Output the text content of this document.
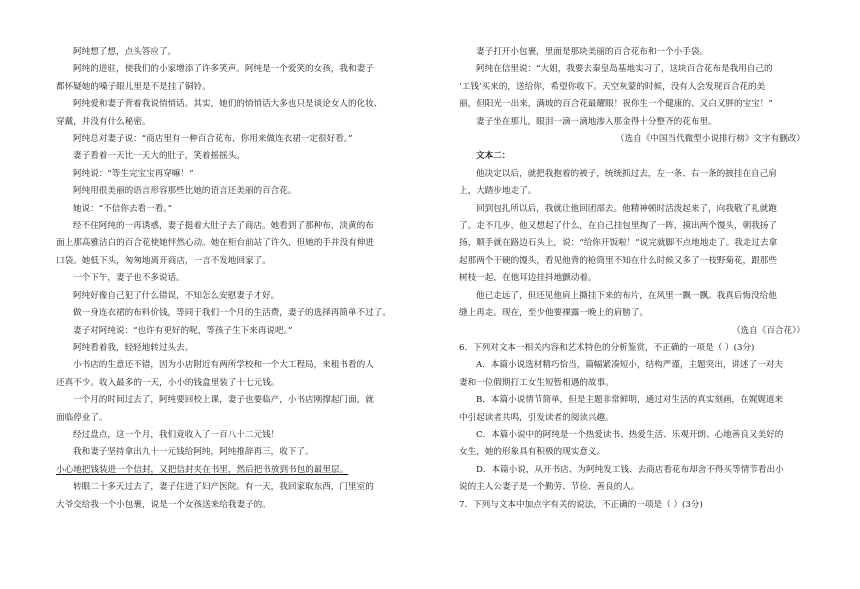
阿纯想了想，点头答应了。

阿纯的进驻，使我们的小家增添了许多笑声。阿纯是一个爱笑的女孩，我和妻子

都怀疑她的嗓子眼儿里是不是挂了铜铃。

阿纯爱和妻子背着我说悄悄话。其实，她们的悄悄话大多也只是谈论女人的化妆、

穿戴，并没有什么秘密。

阿纯总对妻子说：“商店里有一种百合花布，你用来做连衣裙一定很好看。”

妻子看着一天比一天大的肚子，笑着摇摇头。

阿纯说：“等生完宝宝再穿嘛！”

阿纯用很美丽的语言形容那些比她的语言还美丽的百合花。

她说：“不信你去看一看。”

经不住阿纯的一再诱惑，妻子挺着大肚子去了商店。她看到了那种布，淡黄的布

面上那高雅洁白的百合花使她怦然心动。她在柜台前站了许久，但她的手并没有伸进

口袋。她低下头，匆匆地离开商店，一言不发地回家了。

一个下午，妻子也不多说话。

阿纯好像自己犯了什么错误，不知怎么安慰妻子才好。

做一身连衣裙的布料价钱，等同于我们一个月的生活费，妻子的选择再简单不过了。

妻子对阿纯说：“也许有更好的呢，等孩子生下来再说吧。”

阿纯看着我，轻轻地转过头去。

小书店的生意还不错，因为小店附近有两所学校和一个大工程局，来租书看的人

还真不少。收入最多的一天，小小的钱盒里装了十七元钱。

一个月的时间过去了，阿纯要回校上课，妻子也要临产，小书店刚撑起门面，就

面临停业了。

经过盘点，这一个月，我们竟收入了一百八十二元钱！

我和妻子坚持拿出九十一元钱给阿纯，阿纯推辞再三，收下了。

小心地把钱装进一个信封，又把信封夹在书里，然后把书放到书包的最里层。

转眼二十多天过去了，妻子住进了妇产医院。有一天，我回家取东西，门里室的

大爷交给我一个小包裹，说是一个女孩送来给我妻子的。

妻子打开小包裹，里面是那块美丽的百合花布和一个小手袋。

阿纯在信里说：“大姐，我要去秦皇岛基地实习了，这块百合花布是我用自己的

‘工钱’买来的，送给你，希望你收下。天空灰蒙的时候，没有人会发现百合花的美

丽，但阳光一出来，满坡的百合花最耀眼！祝你生一个健康的、又白又胖的宝宝！”

妻子坐在那儿，眼泪一滴一滴地渗入那金得十分整齐的花布里。

（选自《中国当代微型小说排行榜》文字有删改）

文本二：

他决定以后，就把我抱着的被子，统统抓过去，左一条、右一条的披挂在自己肩

上，大踏步地走了。

回到包扎所以后，我就让他回团部去。他精神顿时活泼起来了，向我敬了礼就跑

了。走不几步，他又想起了什么，在自己挂包里掏了一阵，摸出两个馒头，朝我扬了

扬，顺手就在路边石头上，说：“给你开饭啦！”说完就脚不点地地走了。我走过去拿

起那两个干硬的馒头，看见他背的枪筒里不知在什么时候又多了一枝野菊花，跟那些

树枝一起，在他耳边挂抖地颤动着。

他已走远了，但还见他肩上撕挂下来的布片，在风里一飘一飘。我真后悔没给他

缝上再走。现在，至少他要裸露一晚上的肩膀了。

（选自《百合花》）

6．下列对文本一相关内容和艺术特色的分析鉴赏，不正确的一项是（ ）(3分)

A．本篇小说选材精巧恰当，篇幅紧凑短小，结构严谨，主题突出，讲述了一对夫

妻和一位假期打工女生短暂相遇的故事。

B．本篇小说情节简单，但是主题非常鲜明，通过对生活的真实刻画，在娓娓道来

中引起读者共鸣，引发读者的阅读兴趣。

C．本篇小说中的阿纯是一个热爱读书、热爱生活、乐观开朗、心地善良又美好的

女生，她的形象具有积极的现实意义。

D．本篇小说，从开书店、为阿纯发工钱、去商店看花布却舍不得买等情节看出小

说的主人公妻子是一个勤劳、节俭、善良的人。

7．下列与文本中加点字有关的说法，不正确的一项是（ ）(3分)
